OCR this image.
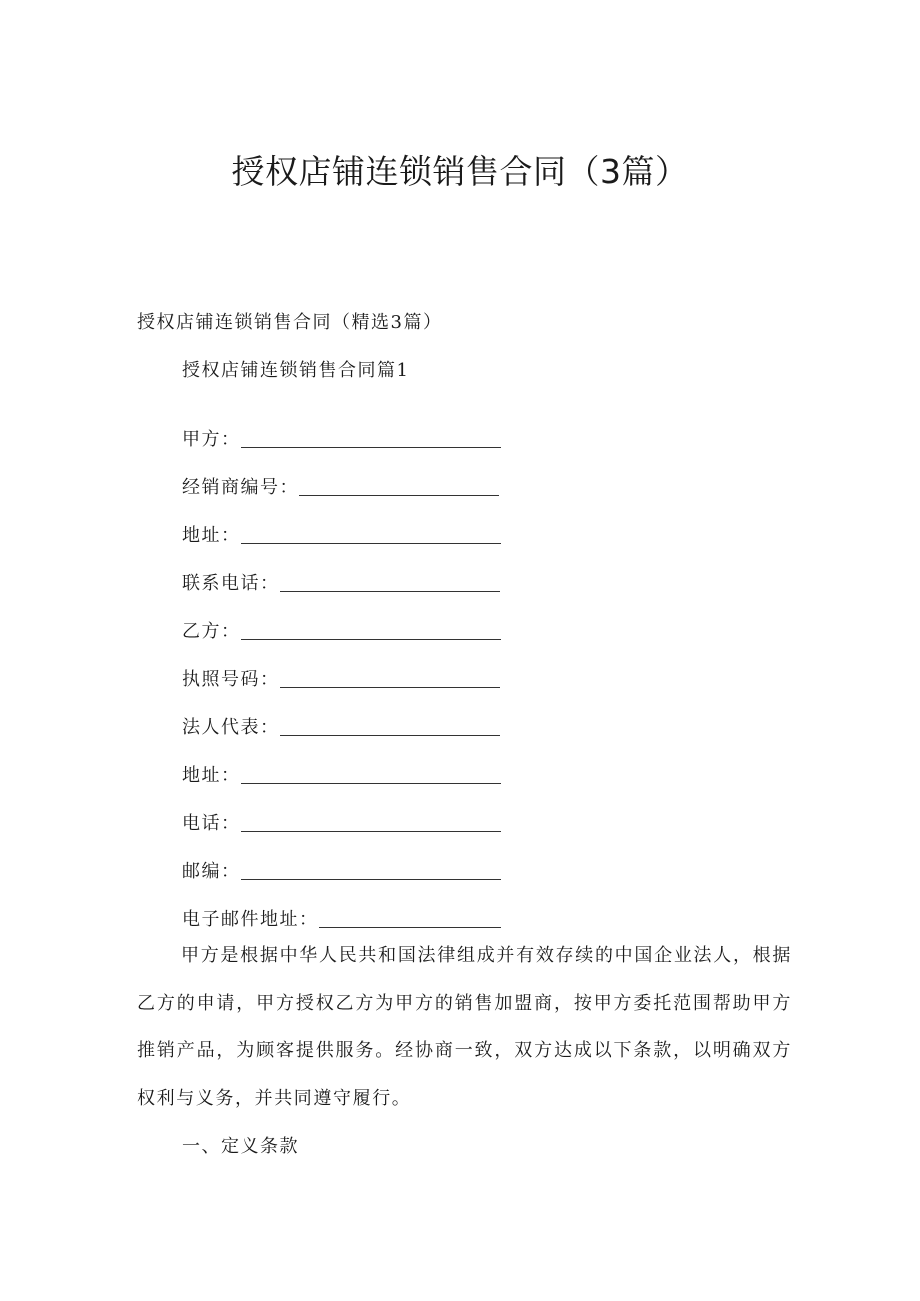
授权店铺连锁销售合同（3篇）

授权店铺连锁销售合同（精选3篇）

授权店铺连锁销售合同篇1

甲方：
经销商编号：
地址：
联系电话：
乙方：
执照号码：
法人代表：
地址：
电话：
邮编：
电子邮件地址：

甲方是根据中华人民共和国法律组成并有效存续的中国企业法人，根据乙方的申请，甲方授权乙方为甲方的销售加盟商，按甲方委托范围帮助甲方推销产品，为顾客提供服务。经协商一致，双方达成以下条款，以明确双方权利与义务，并共同遵守履行。

一、定义条款
